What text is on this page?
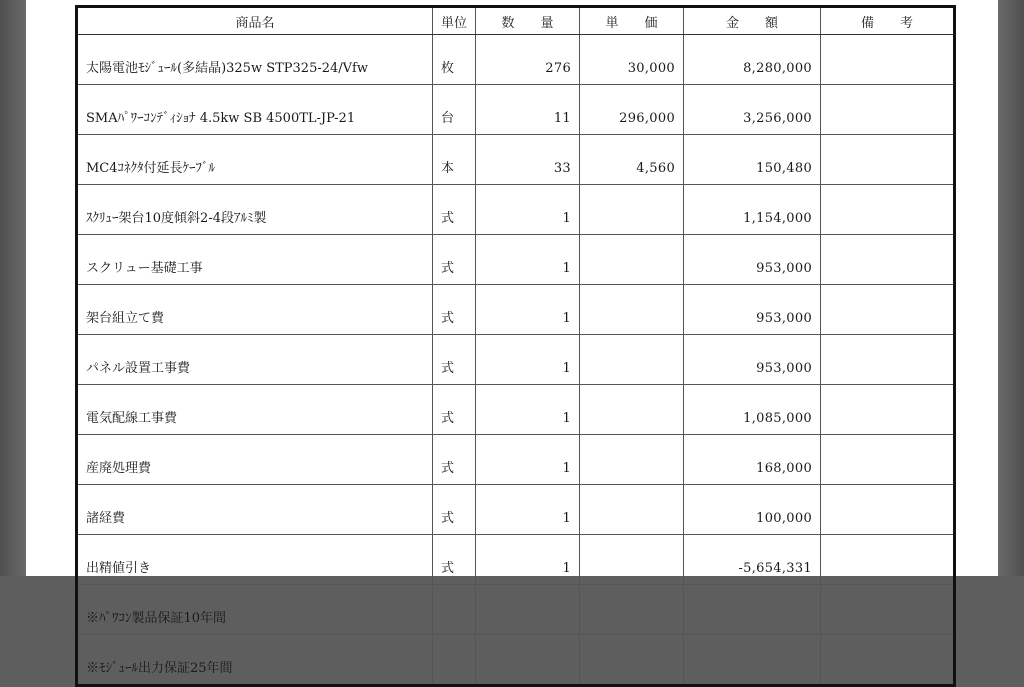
商品名	単位	数　　量	単　　価	金　　額	備　　考
太陽電池ﾓｼﾞｭｰﾙ(多結晶)325w STP325-24/Vfw	枚	276	30,000	8,280,000	
SMAﾊﾟﾜｰｺﾝﾃﾞｨｼｮﾅ 4.5kw SB 4500TL-JP-21	台	11	296,000	3,256,000	
MC4ｺﾈｸﾀ付延長ｹｰﾌﾞﾙ	本	33	4,560	150,480	
ｽｸﾘｭｰ架台10度傾斜2-4段ｱﾙﾐ製	式	1		1,154,000	
スクリュー基礎工事	式	1		953,000	
架台組立て費	式	1		953,000	
パネル設置工事費	式	1		953,000	
電気配線工事費	式	1		1,085,000	
産廃処理費	式	1		168,000	
諸経費	式	1		100,000	
出精値引き	式	1		-5,654,331	
※ﾊﾟﾜｺﾝ製品保証10年間					
※ﾓｼﾞｭｰﾙ出力保証25年間					
